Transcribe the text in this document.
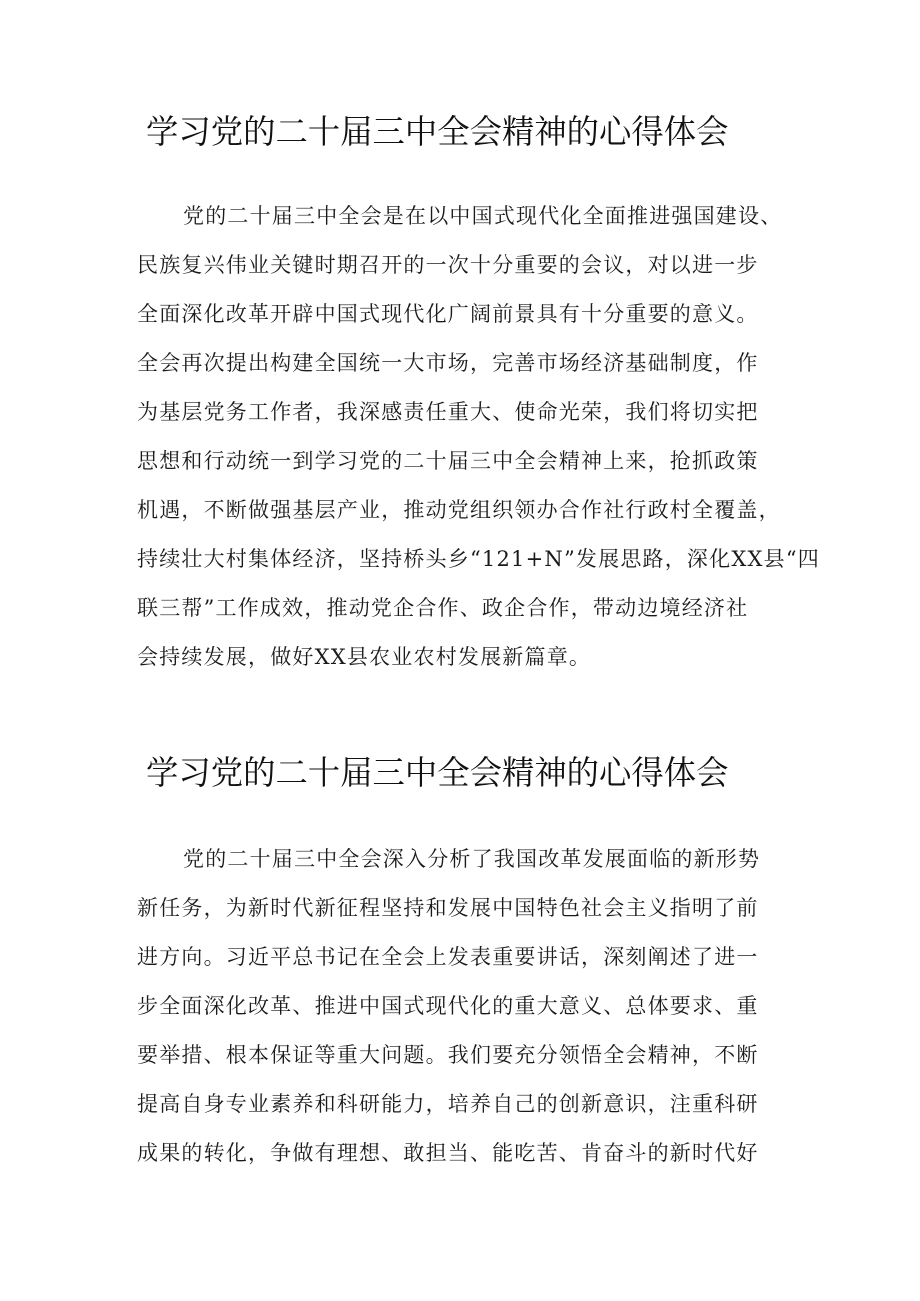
学习党的二十届三中全会精神的心得体会
党的二十届三中全会是在以中国式现代化全面推进强国建设、
民族复兴伟业关键时期召开的一次十分重要的会议，对以进一步
全面深化改革开辟中国式现代化广阔前景具有十分重要的意义。
全会再次提出构建全国统一大市场，完善市场经济基础制度，作
为基层党务工作者，我深感责任重大、使命光荣，我们将切实把
思想和行动统一到学习党的二十届三中全会精神上来，抢抓政策
机遇，不断做强基层产业，推动党组织领办合作社行政村全覆盖，
持续壮大村集体经济，坚持桥头乡“121+N”发展思路，深化XX县“四
联三帮”工作成效，推动党企合作、政企合作，带动边境经济社
会持续发展，做好XX县农业农村发展新篇章。
学习党的二十届三中全会精神的心得体会
党的二十届三中全会深入分析了我国改革发展面临的新形势
新任务，为新时代新征程坚持和发展中国特色社会主义指明了前
进方向。习近平总书记在全会上发表重要讲话，深刻阐述了进一
步全面深化改革、推进中国式现代化的重大意义、总体要求、重
要举措、根本保证等重大问题。我们要充分领悟全会精神，不断
提高自身专业素养和科研能力，培养自己的创新意识，注重科研
成果的转化，争做有理想、敢担当、能吃苦、肯奋斗的新时代好
